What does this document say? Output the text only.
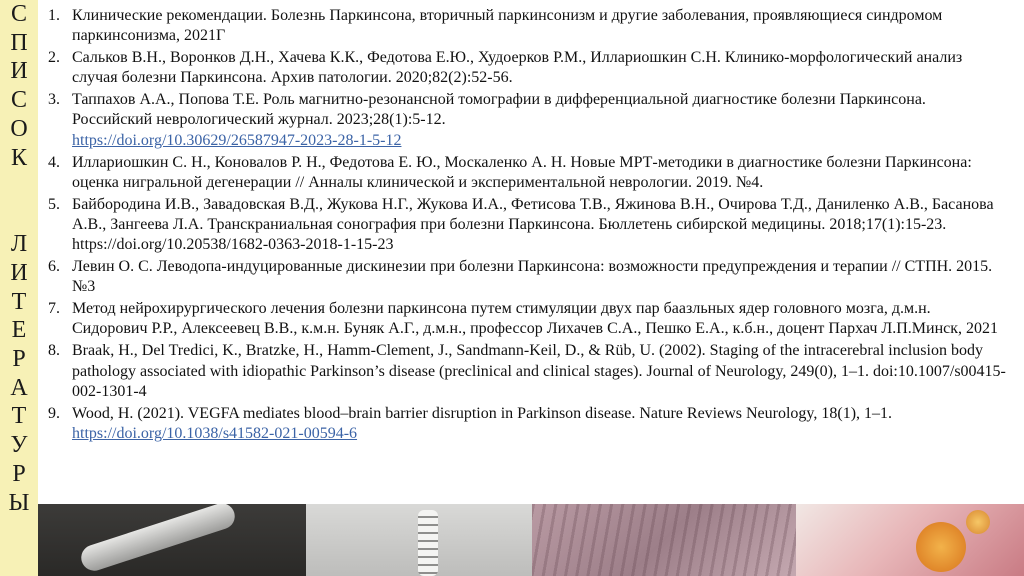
С
П
И
С
О
К
Л
И
Т
Е
Р
А
Т
У
Р
Ы
1. Клинические рекомендации. Болезнь Паркинсона, вторичный паркинсонизм и другие заболевания, проявляющиеся синдромом паркинсонизма, 2021Г
2. Сальков В.Н., Воронков Д.Н., Хачева К.К., Федотова Е.Ю., Худоерков Р.М., Иллариошкин С.Н. Клинико-морфологический анализ случая болезни Паркинсона. Архив патологии. 2020;82(2):52-56.
3. Таппахов А.А., Попова Т.Е. Роль магнитно-резонансной томографии в дифференциальной диагностике болезни Паркинсона. Российский неврологический журнал. 2023;28(1):5-12.
https://doi.org/10.30629/26587947-2023-28-1-5-12
4. Иллариошкин С. Н., Коновалов Р. Н., Федотова Е. Ю., Москаленко А. Н. Новые МРТ-методики в диагностике болезни Паркинсона: оценка нигральной дегенерации // Анналы клинической и экспериментальной неврологии. 2019. №4.
5. Байбородина И.В., Завадовская В.Д., Жукова Н.Г., Жукова И.А., Фетисова Т.В., Яжинова В.Н., Очирова Т.Д., Даниленко А.В., Басанова А.В., Зангеева Л.А. Транскраниальная сонография при болезни Паркинсона. Бюллетень сибирской медицины. 2018;17(1):15-23. https://doi.org/10.20538/1682-0363-2018-1-15-23
6. Левин О. С. Леводопа-индуцированные дискинезии при болезни Паркинсона: возможности предупреждения и терапии // СТПН. 2015. №3
7. Метод нейрохирургического лечения болезни паркинсона путем стимуляции двух пар баазльных ядер головного мозга, д.м.н. Сидорович Р.Р., Алексеевец В.В., к.м.н. Буняк А.Г., д.м.н., профессор Лихачев С.А., Пешко Е.А., к.б.н., доцент Пархач Л.П.Минск, 2021
8. Braak, H., Del Tredici, K., Bratzke, H., Hamm-Clement, J., Sandmann-Keil, D., & Rüb, U. (2002). Staging of the intracerebral inclusion body pathology associated with idiopathic Parkinson’s disease (preclinical and clinical stages). Journal of Neurology, 249(0), 1–1. doi:10.1007/s00415-002-1301-4
9. Wood, H. (2021). VEGFA mediates blood–brain barrier disruption in Parkinson disease. Nature Reviews Neurology, 18(1), 1–1. https://doi.org/10.1038/s41582-021-00594-6
